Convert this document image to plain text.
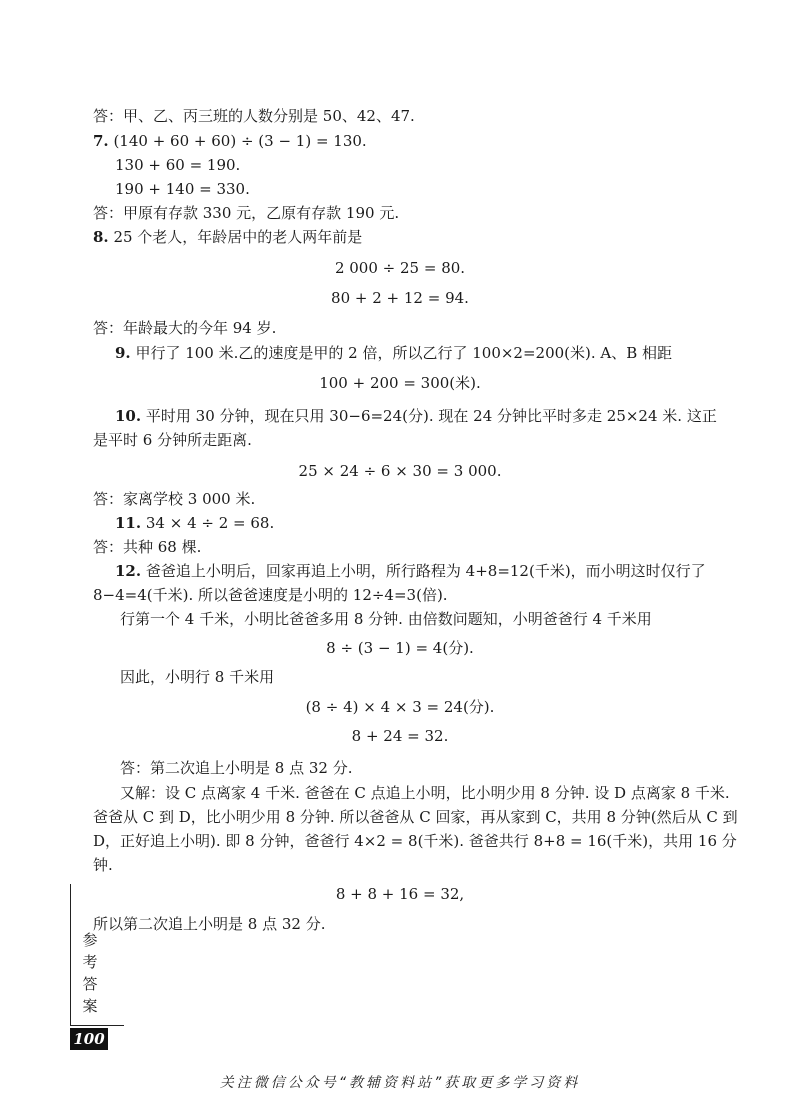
答：甲、乙、丙三班的人数分别是 50、42、47.
7. (140 + 60 + 60) ÷ (3 − 1) = 130.
130 + 60 = 190.
190 + 140 = 330.
答：甲原有存款 330 元，乙原有存款 190 元.
8. 25 个老人，年龄居中的老人两年前是
2 000 ÷ 25 = 80.
80 + 2 + 12 = 94.
答：年龄最大的今年 94 岁.
9. 甲行了 100 米.乙的速度是甲的 2 倍，所以乙行了 100×2=200(米). A、B 相距
100 + 200 = 300(米).
10. 平时用 30 分钟，现在只用 30−6=24(分). 现在 24 分钟比平时多走 25×24 米. 这正
是平时 6 分钟所走距离.
25 × 24 ÷ 6 × 30 = 3 000.
答：家离学校 3 000 米.
11. 34 × 4 ÷ 2 = 68.
答：共种 68 棵.
12. 爸爸追上小明后，回家再追上小明，所行路程为 4+8=12(千米)，而小明这时仅行了
8−4=4(千米). 所以爸爸速度是小明的 12÷4=3(倍).
行第一个 4 千米，小明比爸爸多用 8 分钟. 由倍数问题知，小明爸爸行 4 千米用
8 ÷ (3 − 1) = 4(分).
因此，小明行 8 千米用
(8 ÷ 4) × 4 × 3 = 24(分).
8 + 24 = 32.
答：第二次追上小明是 8 点 32 分.
又解：设 C 点离家 4 千米. 爸爸在 C 点追上小明，比小明少用 8 分钟. 设 D 点离家 8 千米.
爸爸从 C 到 D，比小明少用 8 分钟. 所以爸爸从 C 回家，再从家到 C，共用 8 分钟(然后从 C 到
D，正好追上小明). 即 8 分钟，爸爸行 4×2 = 8(千米). 爸爸共行 8+8 = 16(千米)，共用 16 分
钟.
8 + 8 + 16 = 32,
所以第二次追上小明是 8 点 32 分.
参
考
答
案
100
关注微信公众号“教辅资料站”获取更多学习资料
